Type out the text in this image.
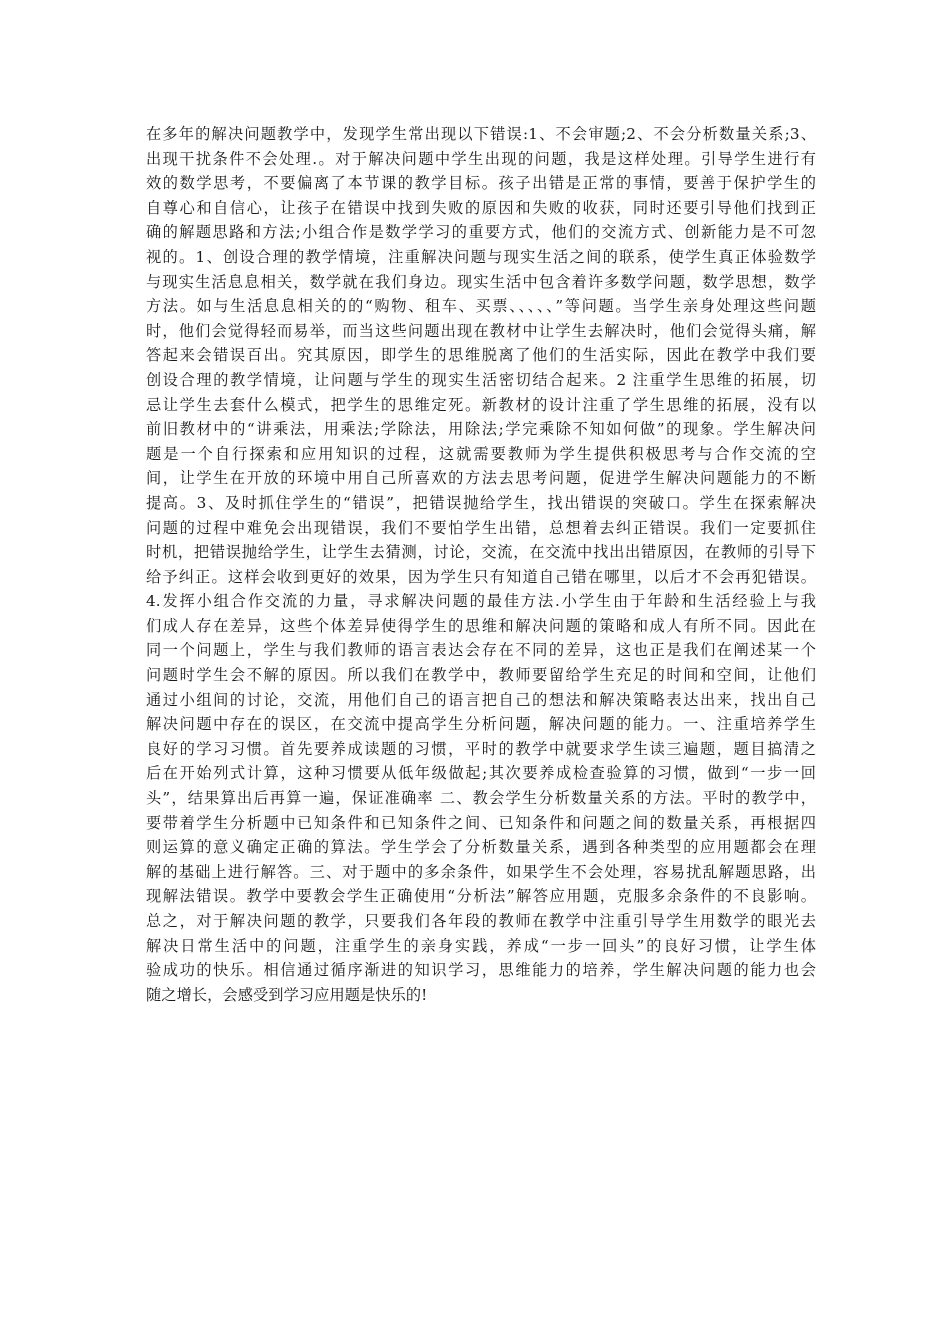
在多年的解决问题教学中，发现学生常出现以下错误:1、不会审题;2、不会分析数量关系;3、
出现干扰条件不会处理.。对于解决问题中学生出现的问题，我是这样处理。引导学生进行有
效的数学思考，不要偏离了本节课的教学目标。孩子出错是正常的事情，要善于保护学生的
自尊心和自信心，让孩子在错误中找到失败的原因和失败的收获，同时还要引导他们找到正
确的解题思路和方法;小组合作是数学学习的重要方式，他们的交流方式、创新能力是不可忽
视的。1、创设合理的教学情境，注重解决问题与现实生活之间的联系，使学生真正体验数学
与现实生活息息相关，数学就在我们身边。现实生活中包含着许多数学问题，数学思想，数学
方法。如与生活息息相关的的“购物、租车、买票、、、、、”等问题。当学生亲身处理这些问题
时，他们会觉得轻而易举，而当这些问题出现在教材中让学生去解决时，他们会觉得头痛，解
答起来会错误百出。究其原因，即学生的思维脱离了他们的生活实际，因此在教学中我们要
创设合理的教学情境，让问题与学生的现实生活密切结合起来。2 注重学生思维的拓展，切
忌让学生去套什么模式，把学生的思维定死。新教材的设计注重了学生思维的拓展，没有以
前旧教材中的“讲乘法，用乘法;学除法，用除法;学完乘除不知如何做”的现象。学生解决问
题是一个自行探索和应用知识的过程，这就需要教师为学生提供积极思考与合作交流的空
间，让学生在开放的环境中用自己所喜欢的方法去思考问题，促进学生解决问题能力的不断
提高。3、及时抓住学生的“错误”，把错误抛给学生，找出错误的突破口。学生在探索解决
问题的过程中难免会出现错误，我们不要怕学生出错，总想着去纠正错误。我们一定要抓住
时机，把错误抛给学生，让学生去猜测，讨论，交流，在交流中找出出错原因，在教师的引导下
给予纠正。这样会收到更好的效果，因为学生只有知道自己错在哪里，以后才不会再犯错误。
4.发挥小组合作交流的力量，寻求解决问题的最佳方法.小学生由于年龄和生活经验上与我
们成人存在差异，这些个体差异使得学生的思维和解决问题的策略和成人有所不同。因此在
同一个问题上，学生与我们教师的语言表达会存在不同的差异，这也正是我们在阐述某一个
问题时学生会不解的原因。所以我们在教学中，教师要留给学生充足的时间和空间，让他们
通过小组间的讨论，交流，用他们自己的语言把自己的想法和解决策略表达出来，找出自己
解决问题中存在的误区，在交流中提高学生分析问题，解决问题的能力。一、注重培养学生
良好的学习习惯。首先要养成读题的习惯，平时的教学中就要求学生读三遍题，题目搞清之
后在开始列式计算，这种习惯要从低年级做起;其次要养成检查验算的习惯，做到“一步一回
头”，结果算出后再算一遍，保证准确率 二、教会学生分析数量关系的方法。平时的教学中，
要带着学生分析题中已知条件和已知条件之间、已知条件和问题之间的数量关系，再根据四
则运算的意义确定正确的算法。学生学会了分析数量关系，遇到各种类型的应用题都会在理
解的基础上进行解答。三、对于题中的多余条件，如果学生不会处理，容易扰乱解题思路，出
现解法错误。教学中要教会学生正确使用“分析法”解答应用题，克服多余条件的不良影响。
总之，对于解决问题的教学，只要我们各年段的教师在教学中注重引导学生用数学的眼光去
解决日常生活中的问题，注重学生的亲身实践，养成“一步一回头”的良好习惯，让学生体
验成功的快乐。相信通过循序渐进的知识学习，思维能力的培养，学生解决问题的能力也会
随之增长，会感受到学习应用题是快乐的!
